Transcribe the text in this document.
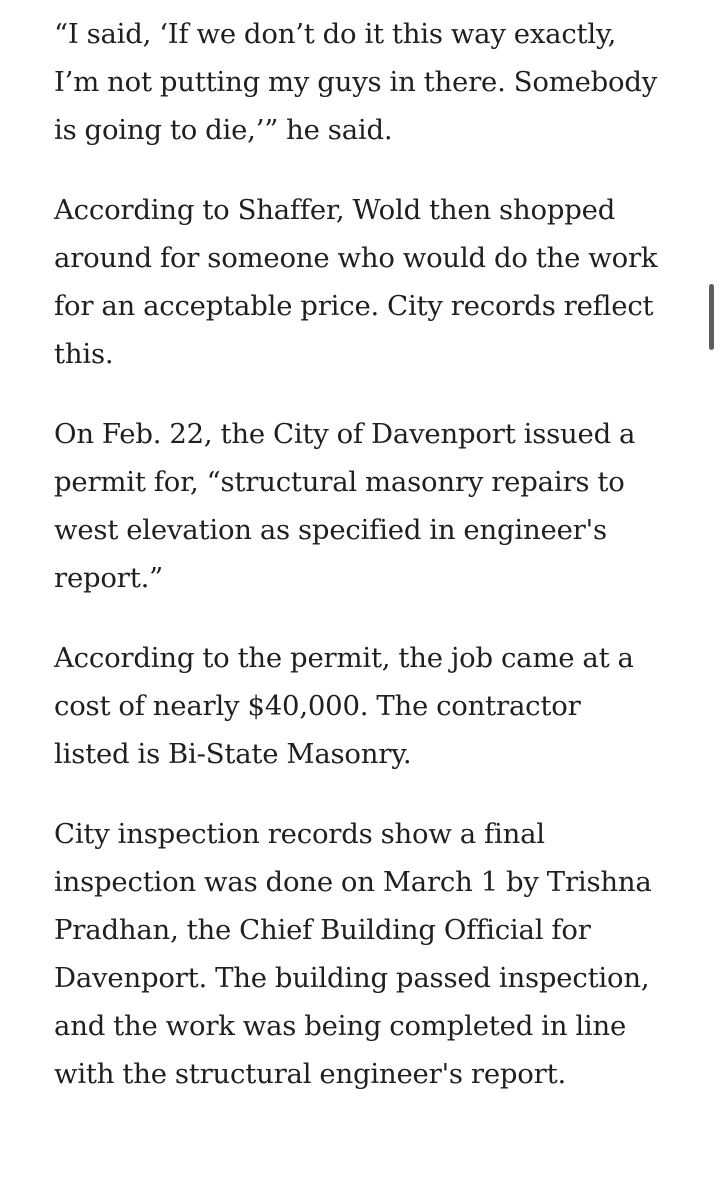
“I said, ‘If we don’t do it this way exactly,
I’m not putting my guys in there. Somebody
is going to die,’” he said.

According to Shaffer, Wold then shopped
around for someone who would do the work
for an acceptable price. City records reflect
this.

On Feb. 22, the City of Davenport issued a
permit for, “structural masonry repairs to
west elevation as specified in engineer's
report.”

According to the permit, the job came at a
cost of nearly $40,000. The contractor
listed is Bi-State Masonry.

City inspection records show a final
inspection was done on March 1 by Trishna
Pradhan, the Chief Building Official for
Davenport. The building passed inspection,
and the work was being completed in line
with the structural engineer's report.
